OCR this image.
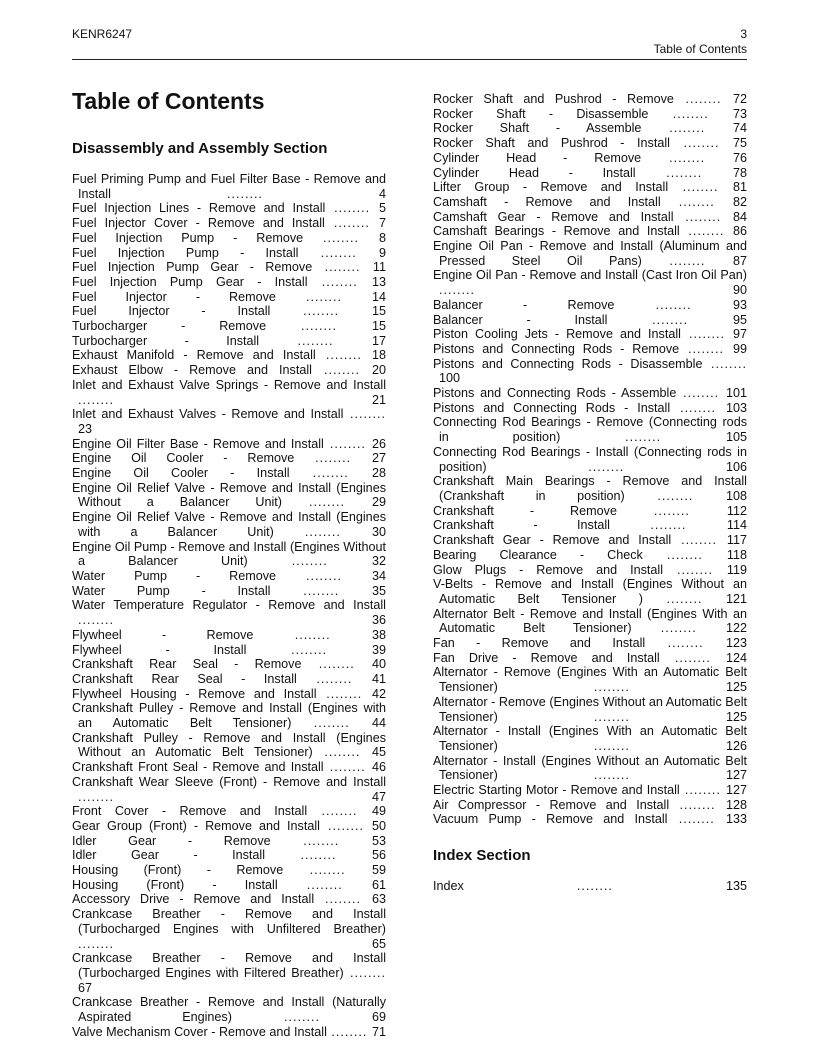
KENR6247	3
Table of Contents
Table of Contents
Disassembly and Assembly Section
Fuel Priming Pump and Fuel Filter Base - Remove and Install ........ 4
Fuel Injection Lines - Remove and Install ........ 5
Fuel Injector Cover - Remove and Install ........ 7
Fuel Injection Pump - Remove ........ 8
Fuel Injection Pump - Install ........ 9
Fuel Injection Pump Gear - Remove ........ 11
Fuel Injection Pump Gear - Install ........ 13
Fuel Injector - Remove ........ 14
Fuel Injector - Install ........ 15
Turbocharger - Remove ........ 15
Turbocharger - Install ........ 17
Exhaust Manifold - Remove and Install ........ 18
Exhaust Elbow - Remove and Install ........ 20
Inlet and Exhaust Valve Springs - Remove and Install ........ 21
Inlet and Exhaust Valves - Remove and Install ........ 23
Engine Oil Filter Base - Remove and Install ........ 26
Engine Oil Cooler - Remove ........ 27
Engine Oil Cooler - Install ........ 28
Engine Oil Relief Valve - Remove and Install (Engines Without a Balancer Unit) ........ 29
Engine Oil Relief Valve - Remove and Install (Engines with a Balancer Unit) ........ 30
Engine Oil Pump - Remove and Install (Engines Without a Balancer Unit) ........ 32
Water Pump - Remove ........ 34
Water Pump - Install ........ 35
Water Temperature Regulator - Remove and Install ........ 36
Flywheel - Remove ........ 38
Flywheel - Install ........ 39
Crankshaft Rear Seal - Remove ........ 40
Crankshaft Rear Seal - Install ........ 41
Flywheel Housing - Remove and Install ........ 42
Crankshaft Pulley - Remove and Install (Engines with an Automatic Belt Tensioner) ........ 44
Crankshaft Pulley - Remove and Install (Engines Without an Automatic Belt Tensioner) ........ 45
Crankshaft Front Seal - Remove and Install ........ 46
Crankshaft Wear Sleeve (Front) - Remove and Install ........ 47
Front Cover - Remove and Install ........ 49
Gear Group (Front) - Remove and Install ........ 50
Idler Gear - Remove ........ 53
Idler Gear - Install ........ 56
Housing (Front) - Remove ........ 59
Housing (Front) - Install ........ 61
Accessory Drive - Remove and Install ........ 63
Crankcase Breather - Remove and Install (Turbocharged Engines with Unfiltered Breather) ........ 65
Crankcase Breather - Remove and Install (Turbocharged Engines with Filtered Breather) ........ 67
Crankcase Breather - Remove and Install (Naturally Aspirated Engines) ........ 69
Valve Mechanism Cover - Remove and Install ........ 71
Rocker Shaft and Pushrod - Remove ........ 72
Rocker Shaft - Disassemble ........ 73
Rocker Shaft - Assemble ........ 74
Rocker Shaft and Pushrod - Install ........ 75
Cylinder Head - Remove ........ 76
Cylinder Head - Install ........ 78
Lifter Group - Remove and Install ........ 81
Camshaft - Remove and Install ........ 82
Camshaft Gear - Remove and Install ........ 84
Camshaft Bearings - Remove and Install ........ 86
Engine Oil Pan - Remove and Install (Aluminum and Pressed Steel Oil Pans) ........ 87
Engine Oil Pan - Remove and Install (Cast Iron Oil Pan) ........ 90
Balancer - Remove ........ 93
Balancer - Install ........ 95
Piston Cooling Jets - Remove and Install ........ 97
Pistons and Connecting Rods - Remove ........ 99
Pistons and Connecting Rods - Disassemble ........ 100
Pistons and Connecting Rods - Assemble ........ 101
Pistons and Connecting Rods - Install ........ 103
Connecting Rod Bearings - Remove (Connecting rods in position) ........ 105
Connecting Rod Bearings - Install (Connecting rods in position) ........ 106
Crankshaft Main Bearings - Remove and Install (Crankshaft in position) ........ 108
Crankshaft - Remove ........ 112
Crankshaft - Install ........ 114
Crankshaft Gear - Remove and Install ........ 117
Bearing Clearance - Check ........ 118
Glow Plugs - Remove and Install ........ 119
V-Belts - Remove and Install (Engines Without an Automatic Belt Tensioner ) ........ 121
Alternator Belt - Remove and Install (Engines With an Automatic Belt Tensioner) ........ 122
Fan - Remove and Install ........ 123
Fan Drive - Remove and Install ........ 124
Alternator - Remove (Engines With an Automatic Belt Tensioner) ........ 125
Alternator - Remove (Engines Without an Automatic Belt Tensioner) ........ 125
Alternator - Install (Engines With an Automatic Belt Tensioner) ........ 126
Alternator - Install (Engines Without an Automatic Belt Tensioner) ........ 127
Electric Starting Motor - Remove and Install ........ 127
Air Compressor - Remove and Install ........ 128
Vacuum Pump - Remove and Install ........ 133
Index Section
Index ........ 135
